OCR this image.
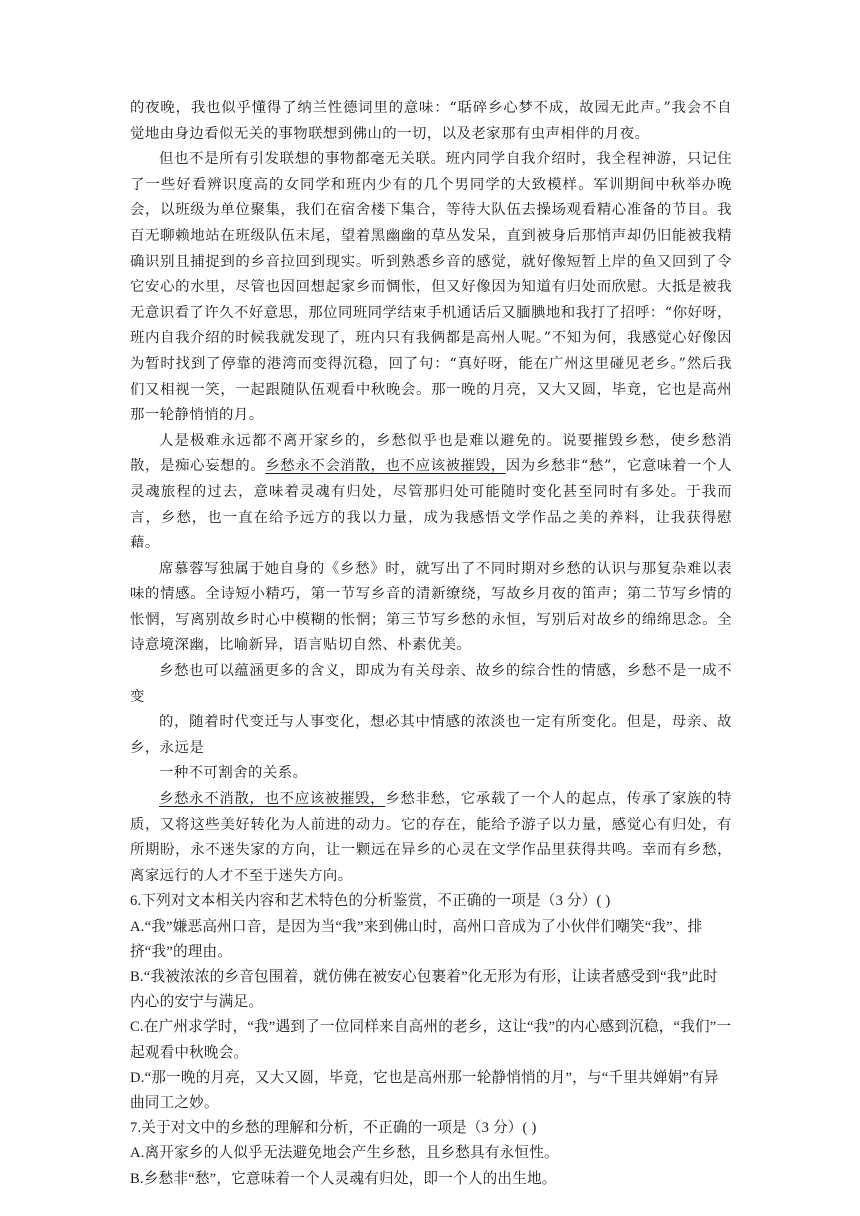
的夜晚，我也似乎懂得了纳兰性德词里的意味：“聒碎乡心梦不成，故园无此声。”我会不自觉地由身边看似无关的事物联想到佛山的一切，以及老家那有虫声相伴的月夜。

但也不是所有引发联想的事物都毫无关联。班内同学自我介绍时，我全程神游，只记住了一些好看辨识度高的女同学和班内少有的几个男同学的大致模样。军训期间中秋举办晚会，以班级为单位聚集，我们在宿舍楼下集合，等待大队伍去操场观看精心准备的节目。我百无聊赖地站在班级队伍末尾，望着黑幽幽的草丛发呆，直到被身后那悄声却仍旧能被我精确识别且捕捉到的乡音拉回到现实。听到熟悉乡音的感觉，就好像短暂上岸的鱼又回到了令它安心的水里，尽管也因回想起家乡而惆怅，但又好像因为知道有归处而欣慰。大抵是被我无意识看了许久不好意思，那位同班同学结束手机通话后又腼腆地和我打了招呼：“你好呀，班内自我介绍的时候我就发现了，班内只有我俩都是高州人呢。”不知为何，我感觉心好像因为暂时找到了停靠的港湾而变得沉稳，回了句：“真好呀，能在广州这里碰见老乡。”然后我们又相视一笑，一起跟随队伍观看中秋晚会。那一晚的月亮，又大又圆，毕竟，它也是高州那一轮静悄悄的月。

人是极难永远都不离开家乡的，乡愁似乎也是难以避免的。说要摧毁乡愁，使乡愁消散，是痴心妄想的。乡愁永不会消散，也不应该被摧毁，因为乡愁非“愁”，它意味着一个人灵魂旅程的过去，意味着灵魂有归处，尽管那归处可能随时变化甚至同时有多处。于我而言，乡愁，也一直在给予远方的我以力量，成为我感悟文学作品之美的养料，让我获得慰藉。

席慕蓉写独属于她自身的《乡愁》时，就写出了不同时期对乡愁的认识与那复杂难以表味的情感。全诗短小精巧，第一节写乡音的清新缭绕，写故乡月夜的笛声；第二节写乡情的怅惘，写离别故乡时心中模糊的怅惘；第三节写乡愁的永恒，写别后对故乡的绵绵思念。全诗意境深幽，比喻新异，语言贴切自然、朴素优美。

乡愁也可以蕴涵更多的含义，即成为有关母亲、故乡的综合性的情感，乡愁不是一成不变

的，随着时代变迁与人事变化，想必其中情感的浓淡也一定有所变化。但是，母亲、故乡，永远是

一种不可割舍的关系。

乡愁永不消散，也不应该被摧毁，乡愁非愁，它承载了一个人的起点，传承了家族的特质，又将这些美好转化为人前进的动力。它的存在，能给予游子以力量，感觉心有归处，有所期盼，永不迷失家的方向，让一颗远在异乡的心灵在文学作品里获得共鸣。幸而有乡愁，离家远行的人才不至于迷失方向。

6.下列对文本相关内容和艺术特色的分析鉴赏，不正确的一项是（3 分）( )

A.“我”嫌恶高州口音，是因为当“我”来到佛山时，高州口音成为了小伙伴们嘲笑“我”、排挤“我”的理由。

B.“我被浓浓的乡音包围着，就仿佛在被安心包裹着”化无形为有形，让读者感受到“我”此时内心的安宁与满足。

C.在广州求学时，“我”遇到了一位同样来自高州的老乡，这让“我”的内心感到沉稳，“我们”一起观看中秋晚会。

D.“那一晚的月亮，又大又圆，毕竟，它也是高州那一轮静悄悄的月”，与“千里共婵娟”有异曲同工之妙。

7.关于对文中的乡愁的理解和分析，不正确的一项是（3 分）( )

A.离开家乡的人似乎无法避免地会产生乡愁，且乡愁具有永恒性。

B.乡愁非“愁”，它意味着一个人灵魂有归处，即一个人的出生地。
